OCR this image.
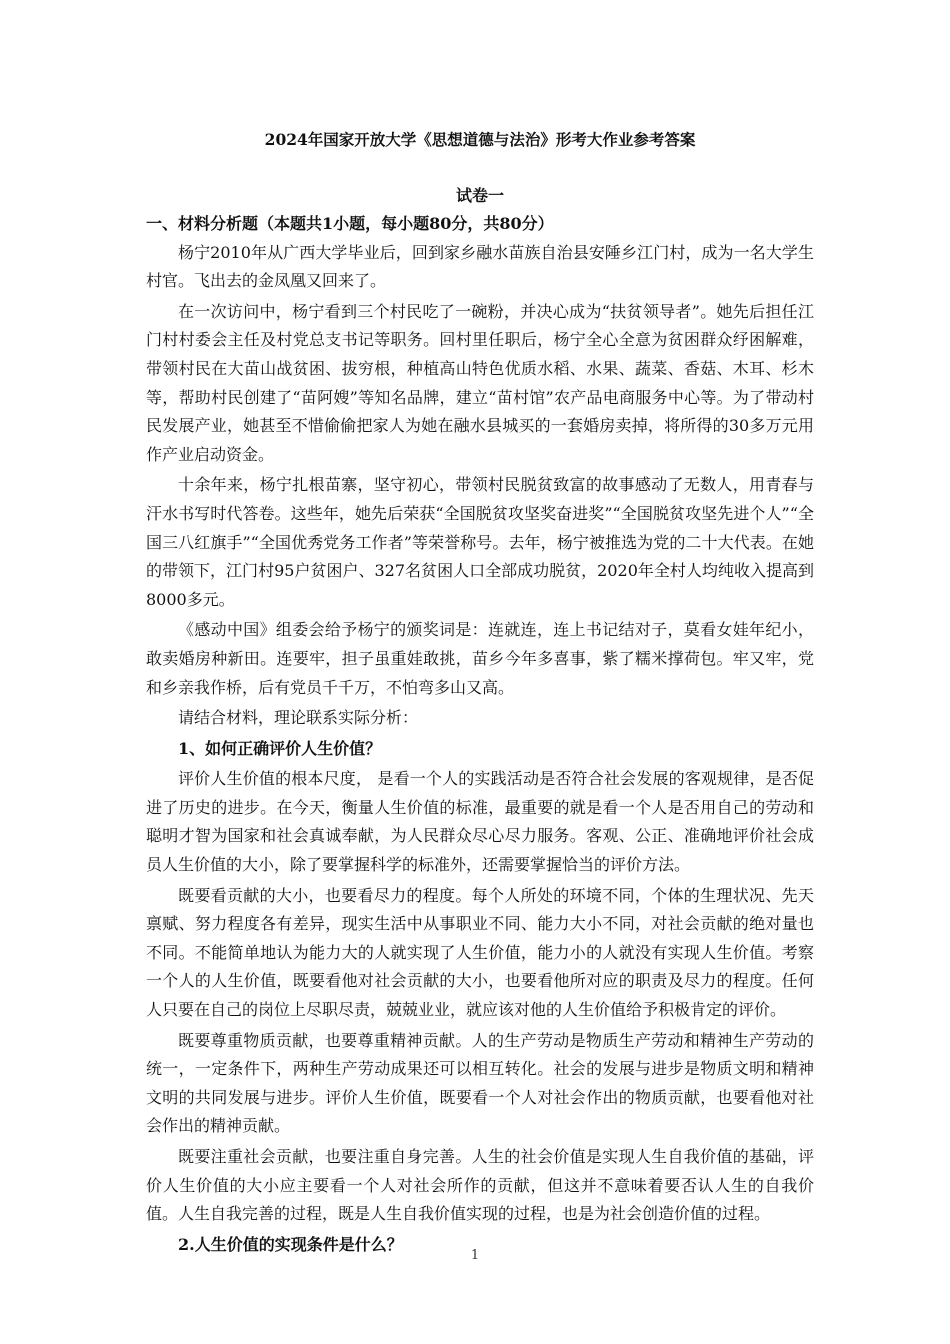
2024年国家开放大学《思想道德与法治》形考大作业参考答案
试卷一
一、材料分析题（本题共1小题，每小题80分，共80分）

杨宁2010年从广西大学毕业后，回到家乡融水苗族自治县安陲乡江门村，成为一名大学生村官。飞出去的金凤凰又回来了。

在一次访问中，杨宁看到三个村民吃了一碗粉，并决心成为“扶贫领导者”。她先后担任江门村村委会主任及村党总支书记等职务。回村里任职后，杨宁全心全意为贫困群众纾困解难，带领村民在大苗山战贫困、拔穷根，种植高山特色优质水稻、水果、蔬菜、香菇、木耳、杉木等，帮助村民创建了“苗阿嫂”等知名品牌，建立“苗村馆”农产品电商服务中心等。为了带动村民发展产业，她甚至不惜偷偷把家人为她在融水县城买的一套婚房卖掉，将所得的30多万元用作产业启动资金。

十余年来，杨宁扎根苗寨，坚守初心，带领村民脱贫致富的故事感动了无数人，用青春与汗水书写时代答卷。这些年，她先后荣获“全国脱贫攻坚奖奋进奖”“全国脱贫攻坚先进个人”“全国三八红旗手”“全国优秀党务工作者”等荣誉称号。去年，杨宁被推选为党的二十大代表。在她的带领下，江门村95户贫困户、327名贫困人口全部成功脱贫，2020年全村人均纯收入提高到8000多元。

《感动中国》组委会给予杨宁的颁奖词是：连就连，连上书记结对子，莫看女娃年纪小，敢卖婚房种新田。连要牢，担子虽重娃敢挑，苗乡今年多喜事，紫了糯米撑荷包。牢又牢，党和乡亲我作桥，后有党员千千万，不怕弯多山又高。

请结合材料，理论联系实际分析：

1、如何正确评价人生价值？

评价人生价值的根本尺度， 是看一个人的实践活动是否符合社会发展的客观规律，是否促进了历史的进步。在今天，衡量人生价值的标准，最重要的就是看一个人是否用自己的劳动和聪明才智为国家和社会真诚奉献，为人民群众尽心尽力服务。客观、公正、准确地评价社会成员人生价值的大小，除了要掌握科学的标准外，还需要掌握恰当的评价方法。

既要看贡献的大小，也要看尽力的程度。每个人所处的环境不同，个体的生理状况、先天禀赋、努力程度各有差异，现实生活中从事职业不同、能力大小不同，对社会贡献的绝对量也不同。不能简单地认为能力大的人就实现了人生价值，能力小的人就没有实现人生价值。考察一个人的人生价值，既要看他对社会贡献的大小，也要看他所对应的职责及尽力的程度。任何人只要在自己的岗位上尽职尽责，兢兢业业，就应该对他的人生价值给予积极肯定的评价。

既要尊重物质贡献，也要尊重精神贡献。人的生产劳动是物质生产劳动和精神生产劳动的统一，一定条件下，两种生产劳动成果还可以相互转化。社会的发展与进步是物质文明和精神文明的共同发展与进步。评价人生价值，既要看一个人对社会作出的物质贡献，也要看他对社会作出的精神贡献。

既要注重社会贡献，也要注重自身完善。人生的社会价值是实现人生自我价值的基础，评价人生价值的大小应主要看一个人对社会所作的贡献，但这并不意味着要否认人生的自我价值。人生自我完善的过程，既是人生自我价值实现的过程，也是为社会创造价值的过程。

2.人生价值的实现条件是什么？

1
